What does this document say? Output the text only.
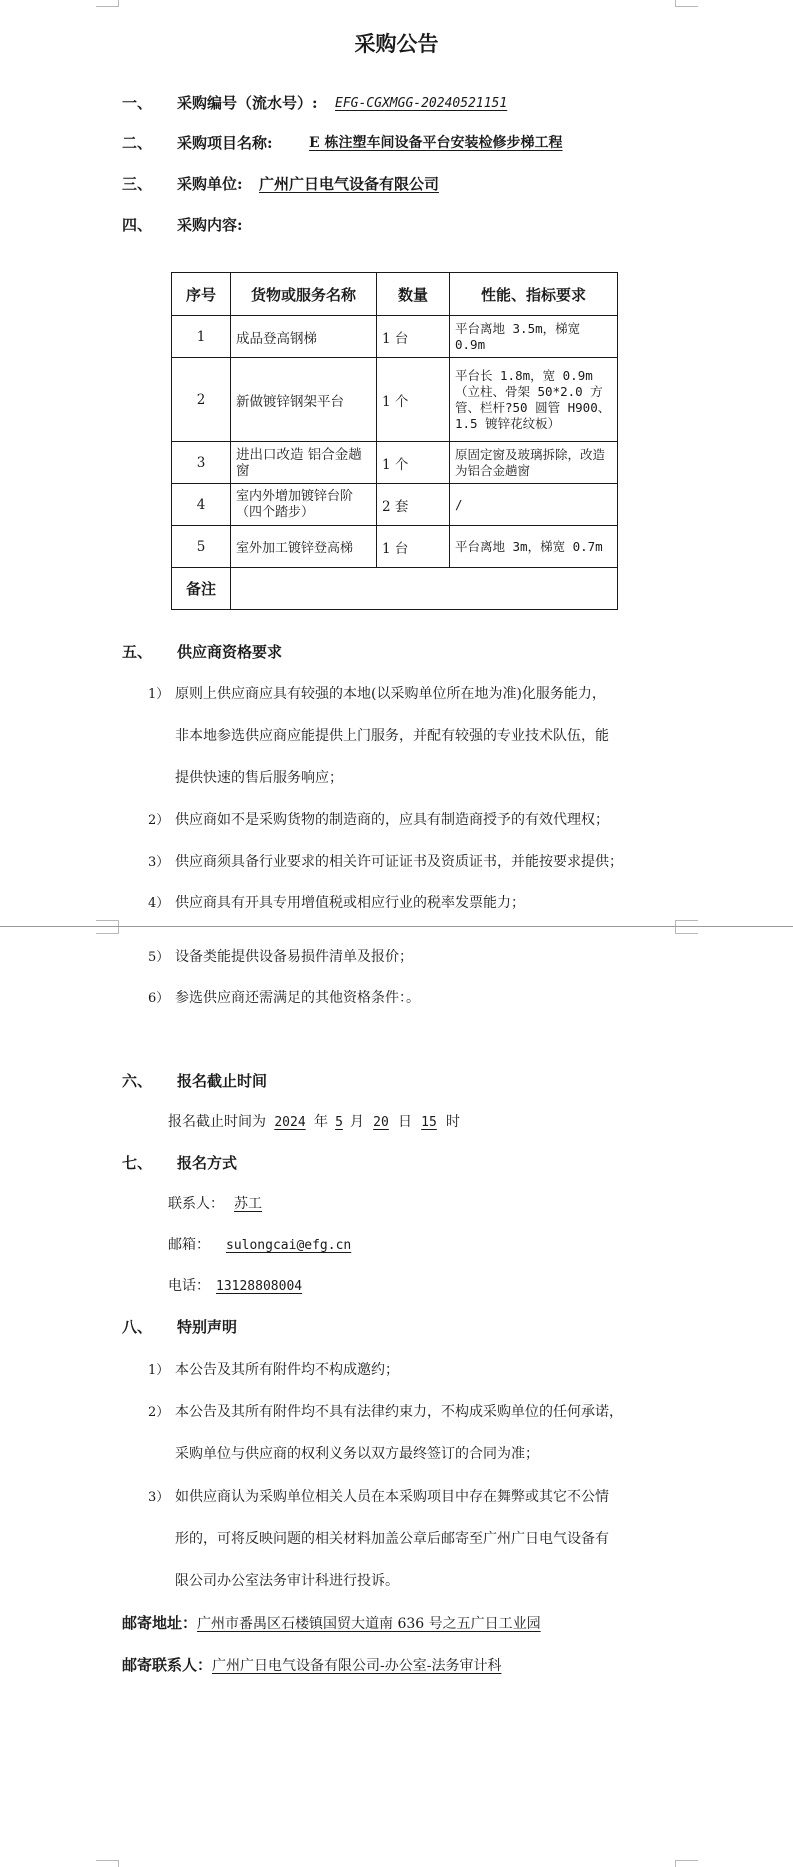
采购公告
一、 采购编号（流水号）: EFG-CGXMGG-20240521151
二、 采购项目名称:	E 栋注塑车间设备平台安装检修步梯工程
三、 采购单位: 广州广日电气设备有限公司
四、 采购内容:
序号	货物或服务名称	数量	性能、指标要求
1	成品登高钢梯	1 台	平台离地 3.5m，梯宽 0.9m
2	新做镀锌钢架平台	1 个	平台长 1.8m，宽 0.9m（立柱、骨架 50*2.0 方管、栏杆?50 圆管 H900、1.5 镀锌花纹板）
3	进出口改造 铝合金趟窗	1 个	原固定窗及玻璃拆除，改造为铝合金趟窗
4	室内外增加镀锌台阶（四个踏步）	2 套	/
5	室外加工镀锌登高梯	1 台	平台离地 3m，梯宽 0.7m
备注			
五、 供应商资格要求
1） 原则上供应商应具有较强的本地(以采购单位所在地为准)化服务能力，
非本地参选供应商应能提供上门服务，并配有较强的专业技术队伍，能
提供快速的售后服务响应；
2） 供应商如不是采购货物的制造商的，应具有制造商授予的有效代理权；
3） 供应商须具备行业要求的相关许可证证书及资质证书，并能按要求提供；
4） 供应商具有开具专用增值税或相应行业的税率发票能力；
5） 设备类能提供设备易损件清单及报价；
6） 参选供应商还需满足的其他资格条件：。
六、 报名截止时间
报名截止时间为 2024 年 5 月 20 日 15 时
七、 报名方式
联系人： 苏工
邮箱： sulongcai@efg.cn
电话： 13128808004
八、 特别声明
1） 本公告及其所有附件均不构成邀约；
2） 本公告及其所有附件均不具有法律约束力，不构成采购单位的任何承诺，
采购单位与供应商的权利义务以双方最终签订的合同为准；
3） 如供应商认为采购单位相关人员在本采购项目中存在舞弊或其它不公情
形的，可将反映问题的相关材料加盖公章后邮寄至广州广日电气设备有
限公司办公室法务审计科进行投诉。
邮寄地址：广州市番禺区石楼镇国贸大道南 636 号之五广日工业园
邮寄联系人：广州广日电气设备有限公司-办公室-法务审计科
